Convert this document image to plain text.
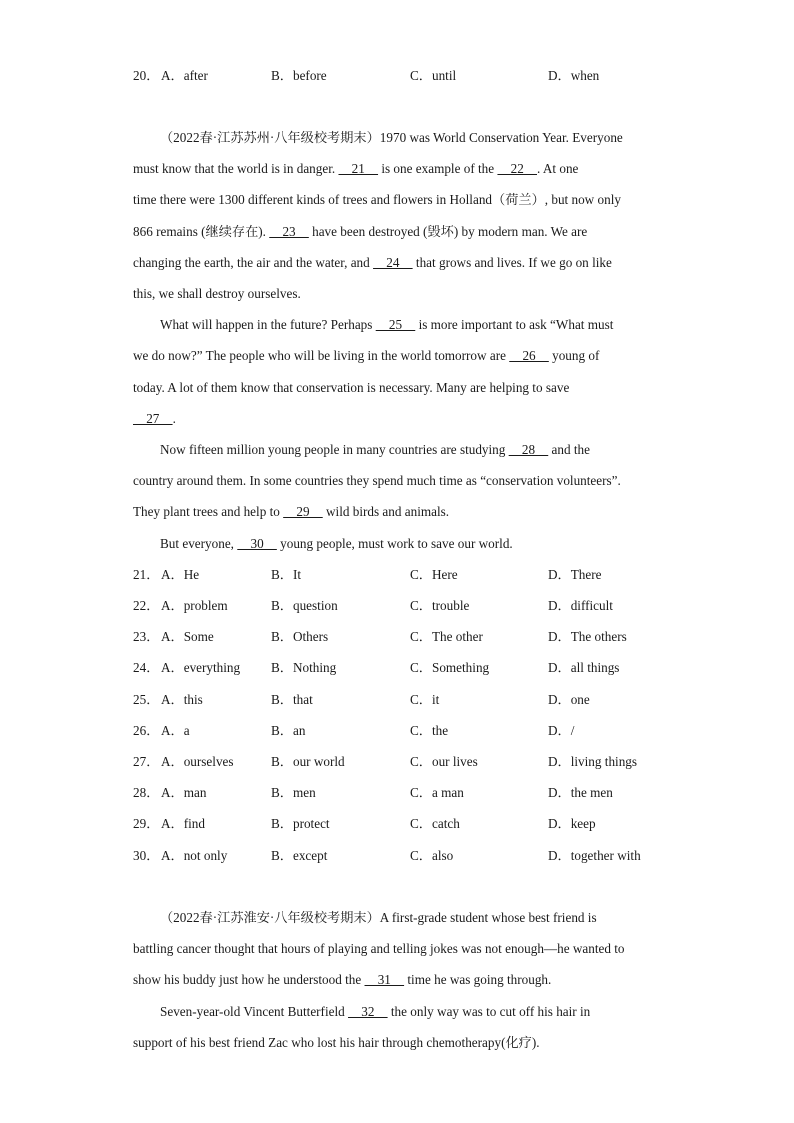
20． A．after	B．before	C．until	D．when
（2022春·江苏苏州·八年级校考期末）1970 was World Conservation Year. Everyone
must know that the world is in danger.     21     is one example of the     22    . At one
time there were 1300 different kinds of trees and flowers in Holland（荷兰）, but now only
866 remains (继续存在).     23     have been destroyed (毁坏) by modern man. We are
changing the earth, the air and the water, and     24     that grows and lives. If we go on like
this, we shall destroy ourselves.
What will happen in the future? Perhaps     25     is more important to ask “What must
we do now?” The people who will be living in the world tomorrow are     26     young of
today. A lot of them know that conservation is necessary. Many are helping to save
27    .
Now fifteen million young people in many countries are studying     28     and the
country around them. In some countries they spend much time as “conservation volunteers”.
They plant trees and help to     29     wild birds and animals.
But everyone,     30     young people, must work to save our world.
21． A．He	B．It	C．Here	D．There
22． A．problem	B．question	C．trouble	D．difficult
23． A．Some	B．Others	C．The other	D．The others
24． A．everything B．Nothing	C．Something	D．all things
25． A．this	B．that	C．it	D．one
26． A．a	B．an	C．the	D．/
27． A．ourselves	B．our world	C．our lives	D．living things
28． A．man	B．men	C．a man	D．the men
29． A．find	B．protect	C．catch	D．keep
30． A．not only	B．except	C．also	D．together with
（2022春·江苏淮安·八年级校考期末）A first-grade student whose best friend is
battling cancer thought that hours of playing and telling jokes was not enough—he wanted to
show his buddy just how he understood the     31     time he was going through.
Seven-year-old Vincent Butterfield     32     the only way was to cut off his hair in
support of his best friend Zac who lost his hair through chemotherapy(化疗).
